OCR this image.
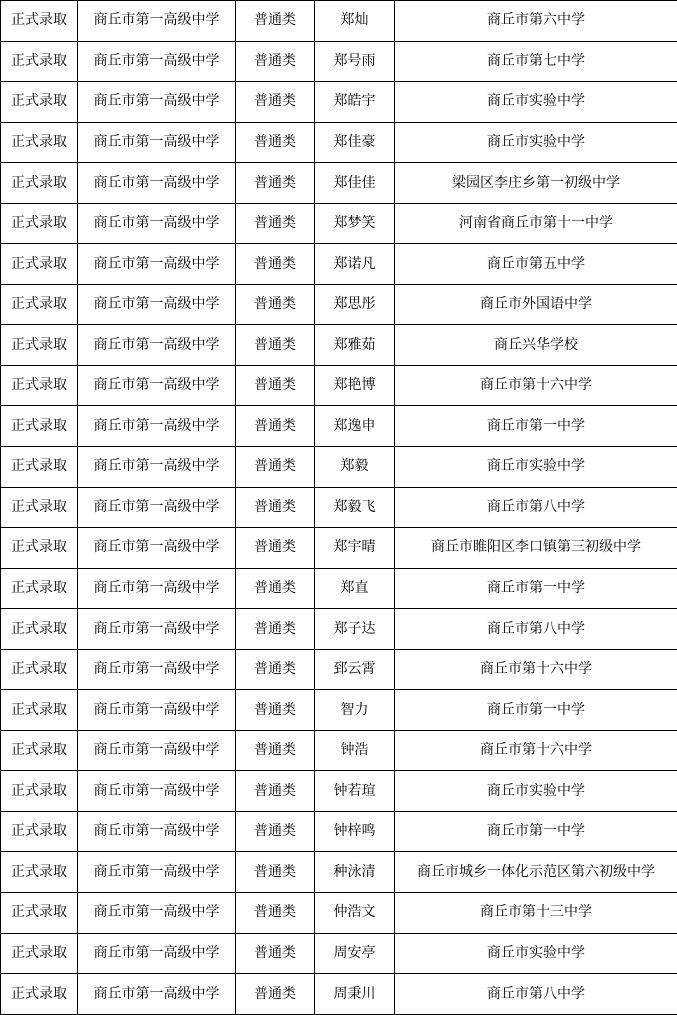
正式录取	商丘市第一高级中学	普通类	郑灿	商丘市第六中学
正式录取	商丘市第一高级中学	普通类	郑号雨	商丘市第七中学
正式录取	商丘市第一高级中学	普通类	郑皓宇	商丘市实验中学
正式录取	商丘市第一高级中学	普通类	郑佳豪	商丘市实验中学
正式录取	商丘市第一高级中学	普通类	郑佳佳	梁园区李庄乡第一初级中学
正式录取	商丘市第一高级中学	普通类	郑梦笑	河南省商丘市第十一中学
正式录取	商丘市第一高级中学	普通类	郑诺凡	商丘市第五中学
正式录取	商丘市第一高级中学	普通类	郑思彤	商丘市外国语中学
正式录取	商丘市第一高级中学	普通类	郑雅茹	商丘兴华学校
正式录取	商丘市第一高级中学	普通类	郑艳博	商丘市第十六中学
正式录取	商丘市第一高级中学	普通类	郑逸申	商丘市第一中学
正式录取	商丘市第一高级中学	普通类	郑毅	商丘市实验中学
正式录取	商丘市第一高级中学	普通类	郑毅飞	商丘市第八中学
正式录取	商丘市第一高级中学	普通类	郑宇晴	商丘市睢阳区李口镇第三初级中学
正式录取	商丘市第一高级中学	普通类	郑直	商丘市第一中学
正式录取	商丘市第一高级中学	普通类	郑子达	商丘市第八中学
正式录取	商丘市第一高级中学	普通类	郅云霄	商丘市第十六中学
正式录取	商丘市第一高级中学	普通类	智力	商丘市第一中学
正式录取	商丘市第一高级中学	普通类	钟浩	商丘市第十六中学
正式录取	商丘市第一高级中学	普通类	钟若瑄	商丘市实验中学
正式录取	商丘市第一高级中学	普通类	钟梓鸣	商丘市第一中学
正式录取	商丘市第一高级中学	普通类	种泳清	商丘市城乡一体化示范区第六初级中学
正式录取	商丘市第一高级中学	普通类	仲浩文	商丘市第十三中学
正式录取	商丘市第一高级中学	普通类	周安亭	商丘市实验中学
正式录取	商丘市第一高级中学	普通类	周秉川	商丘市第八中学
